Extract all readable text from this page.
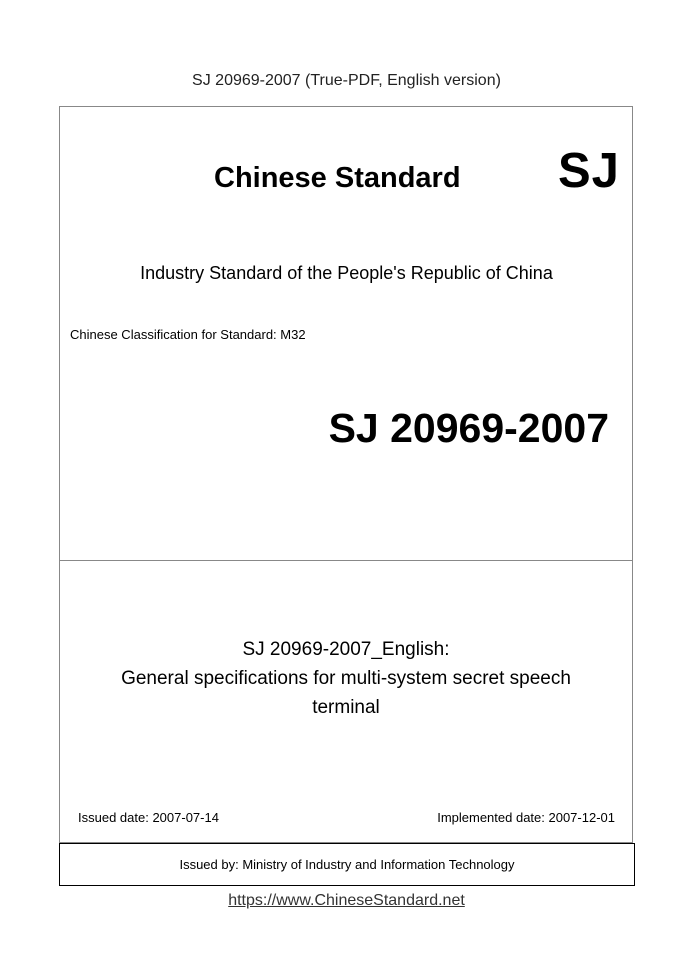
SJ 20969-2007 (True-PDF, English version)
Chinese Standard SJ
Industry Standard of the People's Republic of China
Chinese Classification for Standard: M32
SJ 20969-2007
SJ 20969-2007_English:
General specifications for multi-system secret speech
terminal
Issued date: 2007-07-14	Implemented date: 2007-12-01
Issued by: Ministry of Industry and Information Technology
https://www.ChineseStandard.net
